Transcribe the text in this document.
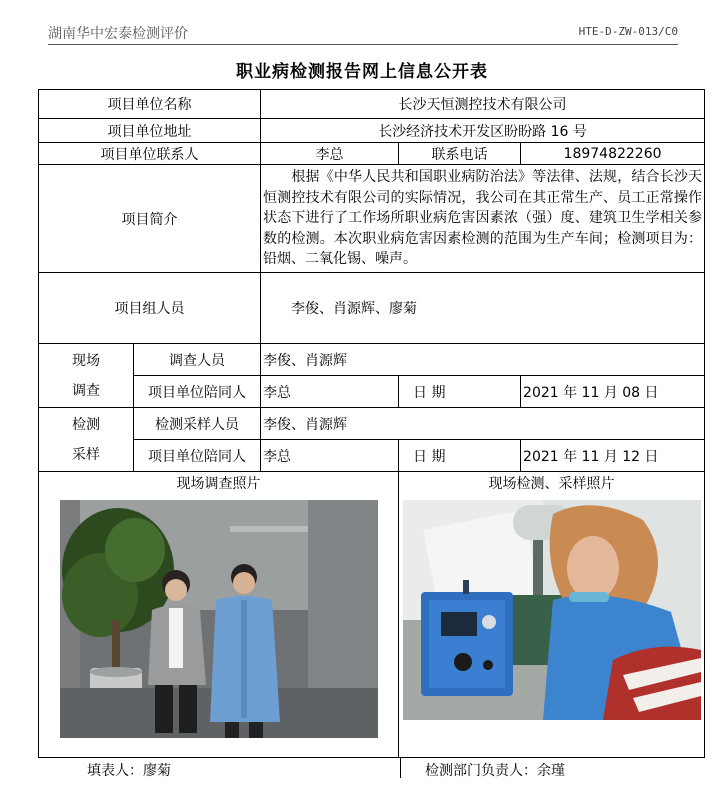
湖南华中宏泰检测评价	HTE-D-ZW-013/C0
职业病检测报告网上信息公开表
项目单位名称		长沙天恒测控技术有限公司		
项目单位地址		长沙经济技术开发区盼盼路 16 号		
项目单位联系人		李总	联系电话	18974822260
项目简介		　　根据《中华人民共和国职业病防治法》等法律、法规，结合长沙天恒测控技术有限公司的实际情况，我公司在其正常生产、员工正常操作状态下进行了工作场所职业病危害因素浓（强）度、建筑卫生学相关参数的检测。本次职业病危害因素检测的范围为生产车间；检测项目为：铅烟、二氧化锡、噪声。		
项目组人员		李俊、肖源辉、廖菊		

现场
调查	调查人员	李俊、肖源辉		
	项目单位陪同人	李总	日 期	2021 年 11 月 08 日

检测
采样	检测采样人员	李俊、肖源辉		
	项目单位陪同人	李总	日 期	2021 年 11 月 12 日

现场调查照片			现场检测、采样照片	
填表人：廖菊	检测部门负责人：余瑾
